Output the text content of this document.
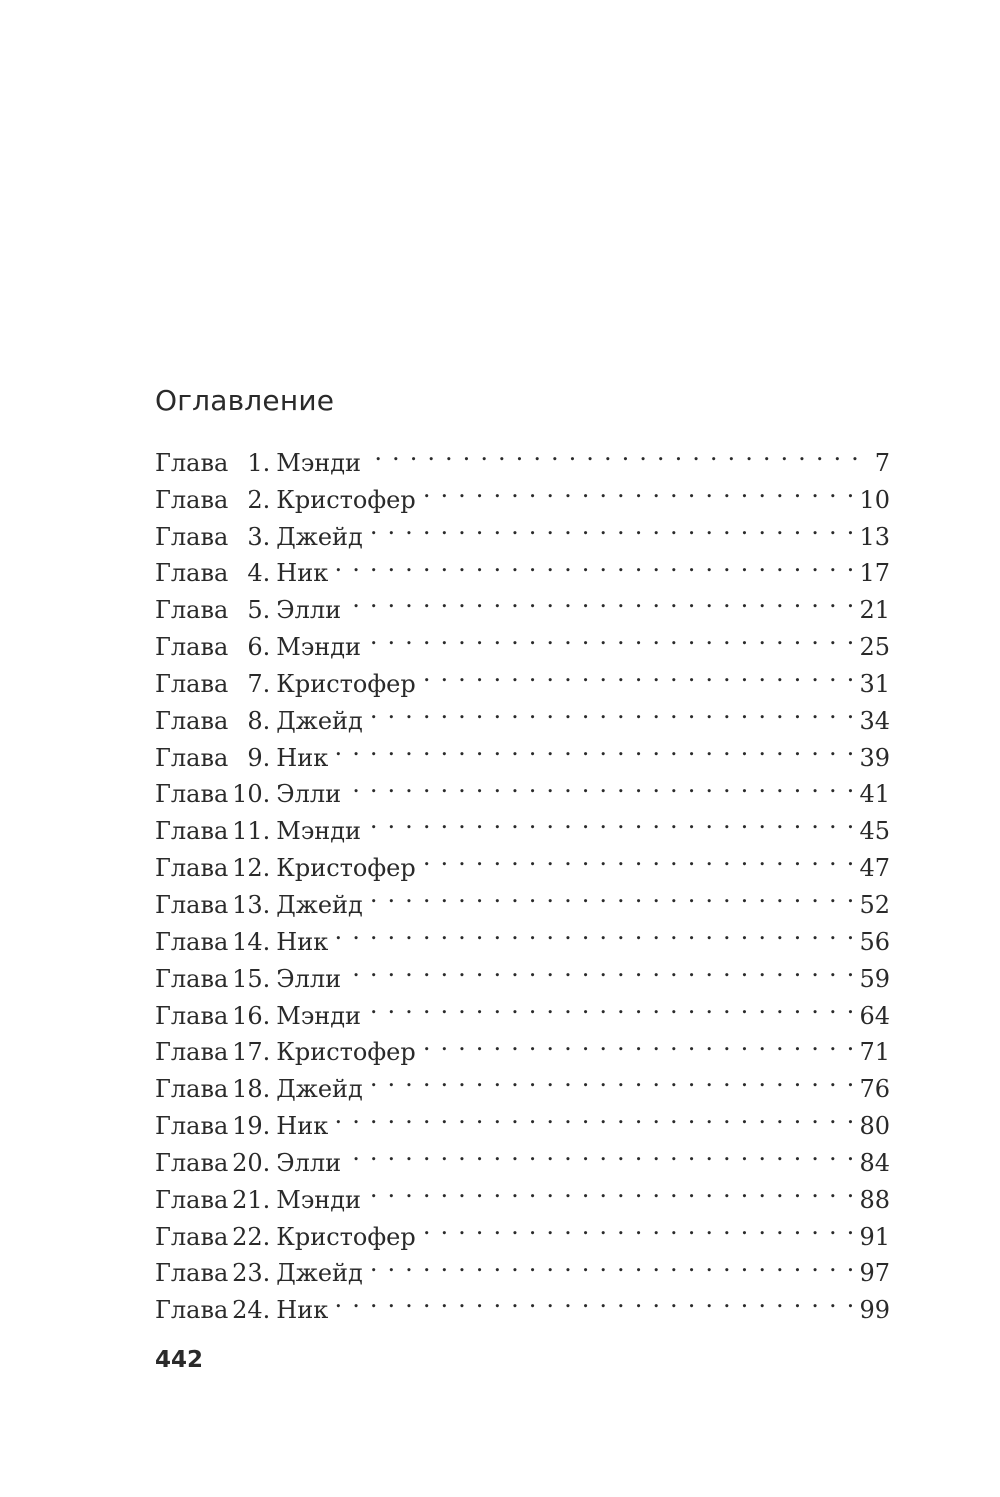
Оглавление
Глава 1. Мэнди . . .	7
Глава 2. Кристофер . . .	10
Глава 3. Джейд . . .	13
Глава 4. Ник . . .	17
Глава 5. Элли . . .	21
Глава 6. Мэнди . . .	25
Глава 7. Кристофер . . .	31
Глава 8. Джейд . . .	34
Глава 9. Ник . . .	39
Глава 10. Элли . . .	41
Глава 11. Мэнди . . .	45
Глава 12. Кристофер . . .	47
Глава 13. Джейд . . .	52
Глава 14. Ник . . .	56
Глава 15. Элли . . .	59
Глава 16. Мэнди . . .	64
Глава 17. Кристофер . . .	71
Глава 18. Джейд . . .	76
Глава 19. Ник . . .	80
Глава 20. Элли . . .	84
Глава 21. Мэнди . . .	88
Глава 22. Кристофер . . .	91
Глава 23. Джейд . . .	97
Глава 24. Ник . . .	99
442
